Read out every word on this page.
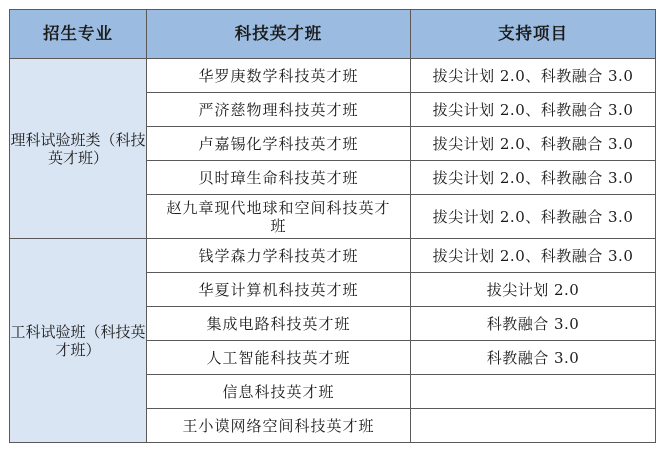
招生专业	科技英才班	支持项目
理科试验班类（科技英才班）	华罗庚数学科技英才班	拔尖计划 2.0、科教融合 3.0
	严济慈物理科技英才班	拔尖计划 2.0、科教融合 3.0
	卢嘉锡化学科技英才班	拔尖计划 2.0、科教融合 3.0
	贝时璋生命科技英才班	拔尖计划 2.0、科教融合 3.0
	赵九章现代地球和空间科技英才班	拔尖计划 2.0、科教融合 3.0
工科试验班（科技英才班）	钱学森力学科技英才班	拔尖计划 2.0、科教融合 3.0
	华夏计算机科技英才班	拔尖计划 2.0
	集成电路科技英才班	科教融合 3.0
	人工智能科技英才班	科教融合 3.0
	信息科技英才班	
	王小谟网络空间科技英才班	
